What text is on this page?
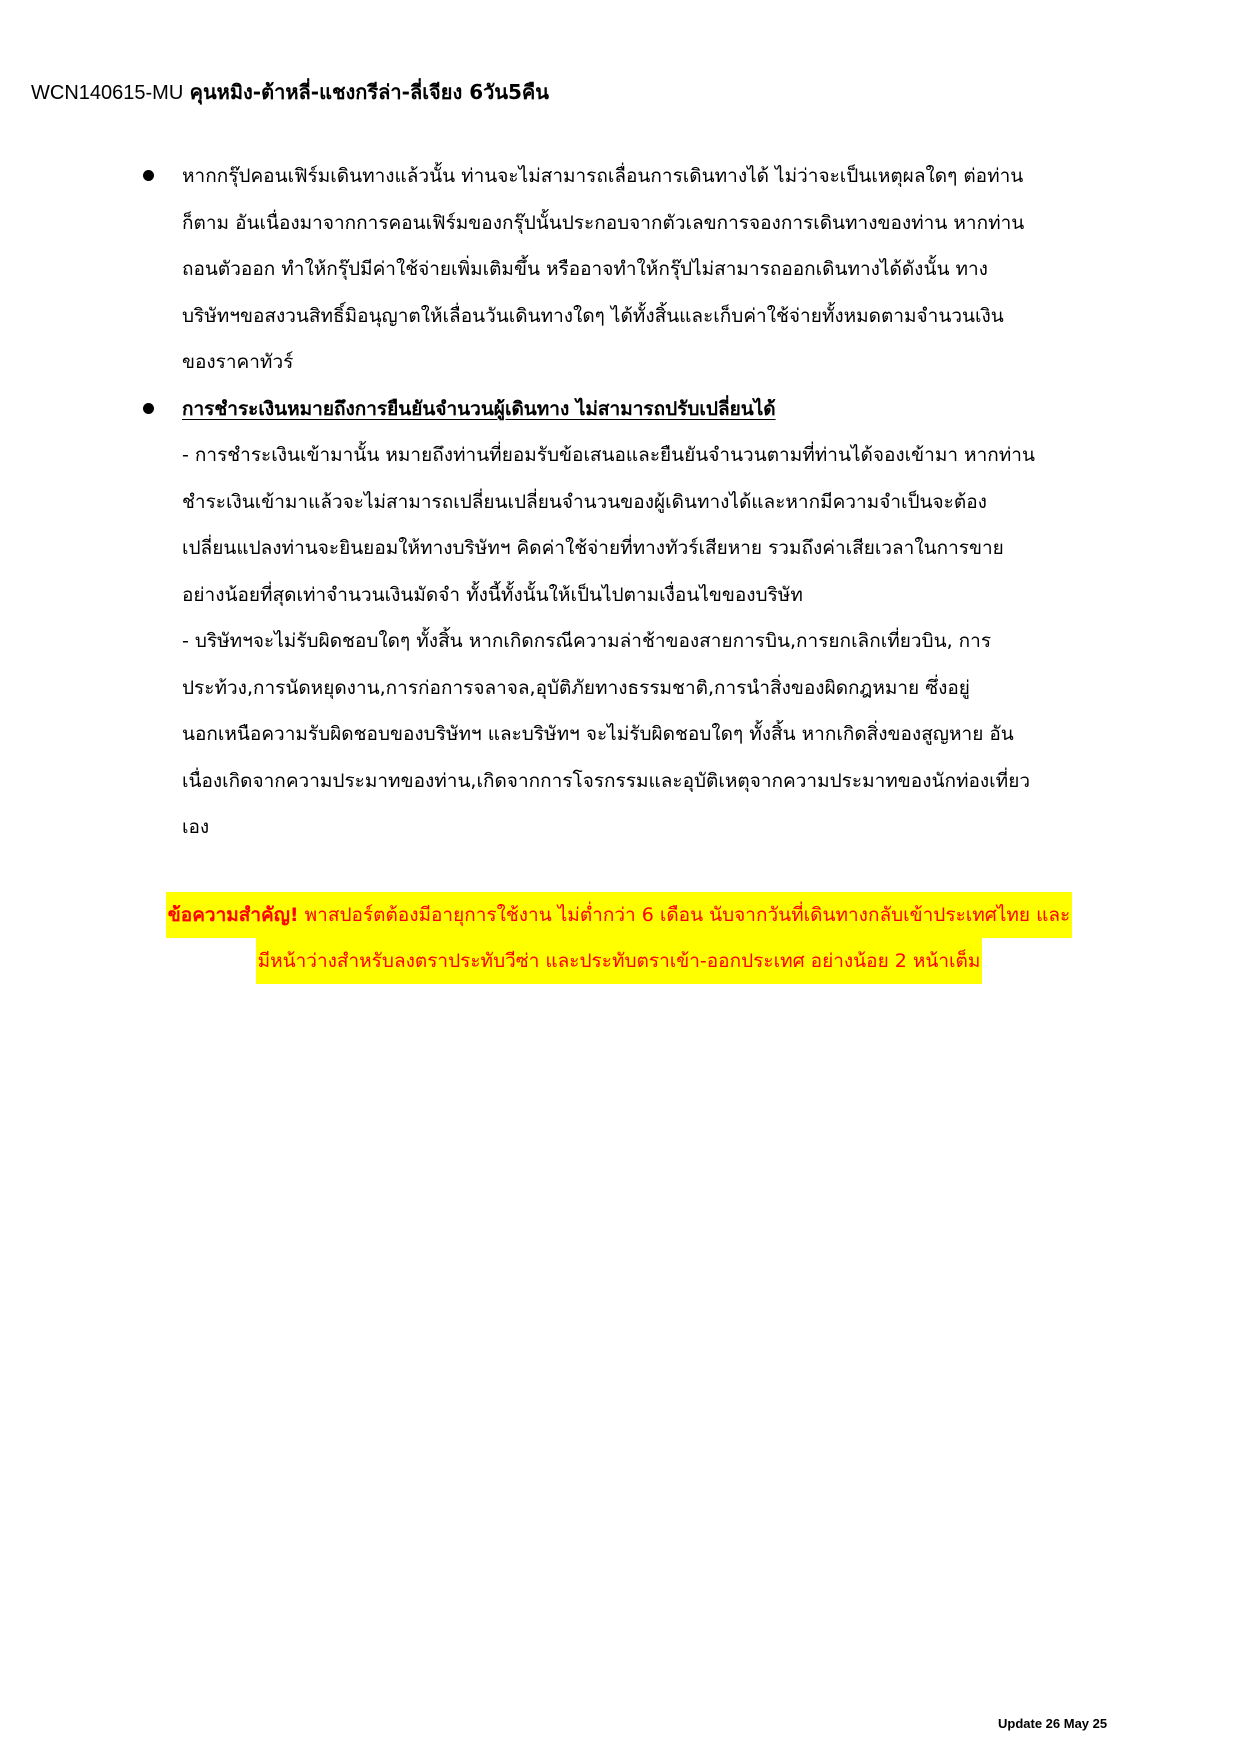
WCN140615-MU คุนหมิง-ต้าหลี่-แชงกรีล่า-ลี่เจียง 6วัน5คืน
หากกรุ๊ปคอนเฟิร์มเดินทางแล้วนั้น ท่านจะไม่สามารถเลื่อนการเดินทางได้ ไม่ว่าจะเป็นเหตุผลใดๆ ต่อท่าน
ก็ตาม อันเนื่องมาจากการคอนเฟิร์มของกรุ๊ปนั้นประกอบจากตัวเลขการจองการเดินทางของท่าน หากท่าน
ถอนตัวออก ทำให้กรุ๊ปมีค่าใช้จ่ายเพิ่มเติมขึ้น หรืออาจทำให้กรุ๊ปไม่สามารถออกเดินทางได้ดังนั้น ทาง
บริษัทฯขอสงวนสิทธิ์มิอนุญาตให้เลื่อนวันเดินทางใดๆ ได้ทั้งสิ้นและเก็บค่าใช้จ่ายทั้งหมดตามจำนวนเงิน
ของราคาทัวร์
การชำระเงินหมายถึงการยืนยันจำนวนผู้เดินทาง ไม่สามารถปรับเปลี่ยนได้
- การชำระเงินเข้ามานั้น หมายถึงท่านที่ยอมรับข้อเสนอและยืนยันจำนวนตามที่ท่านได้จองเข้ามา หากท่าน
ชำระเงินเข้ามาแล้วจะไม่สามารถเปลี่ยนเปลี่ยนจำนวนของผู้เดินทางได้และหากมีความจำเป็นจะต้อง
เปลี่ยนแปลงท่านจะยินยอมให้ทางบริษัทฯ คิดค่าใช้จ่ายที่ทางทัวร์เสียหาย รวมถึงค่าเสียเวลาในการขาย
อย่างน้อยที่สุดเท่าจำนวนเงินมัดจำ ทั้งนี้ทั้งนั้นให้เป็นไปตามเงื่อนไขของบริษัท
- บริษัทฯจะไม่รับผิดชอบใดๆ ทั้งสิ้น หากเกิดกรณีความล่าช้าของสายการบิน,การยกเลิกเที่ยวบิน, การ
ประท้วง,การนัดหยุดงาน,การก่อการจลาจล,อุบัติภัยทางธรรมชาติ,การนำสิ่งของผิดกฎหมาย ซึ่งอยู่
นอกเหนือความรับผิดชอบของบริษัทฯ และบริษัทฯ จะไม่รับผิดชอบใดๆ ทั้งสิ้น หากเกิดสิ่งของสูญหาย อัน
เนื่องเกิดจากความประมาทของท่าน,เกิดจากการโจรกรรมและอุบัติเหตุจากความประมาทของนักท่องเที่ยว
เอง
ข้อความสำคัญ! พาสปอร์ตต้องมีอายุการใช้งาน ไม่ต่ำกว่า 6 เดือน นับจากวันที่เดินทางกลับเข้าประเทศไทย และ
มีหน้าว่างสำหรับลงตราประทับวีซ่า และประทับตราเข้า-ออกประเทศ อย่างน้อย 2 หน้าเต็ม
Update 26 May 25
